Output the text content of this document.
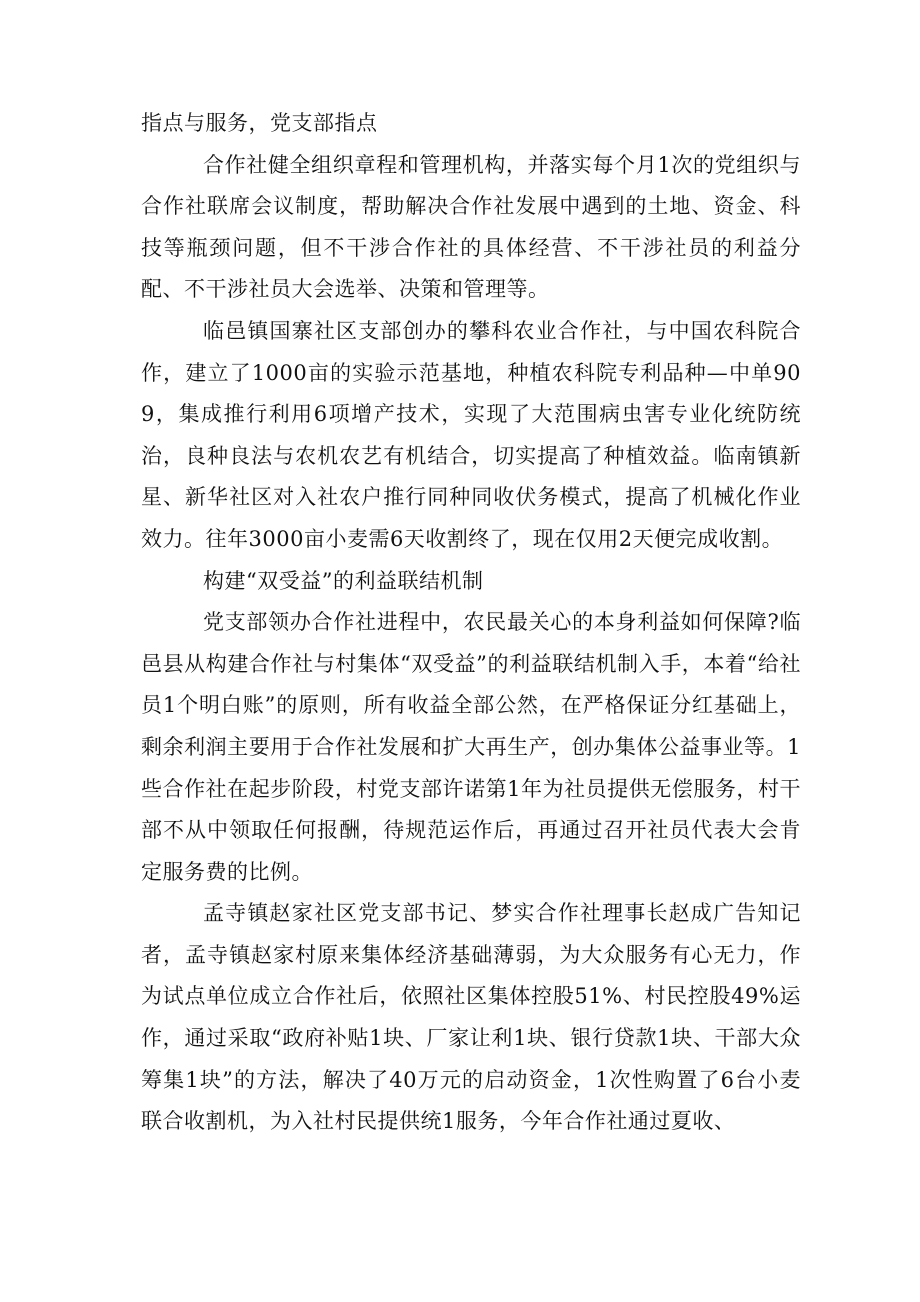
指点与服务，党支部指点

合作社健全组织章程和管理机构，并落实每个月1次的党组织与合作社联席会议制度，帮助解决合作社发展中遇到的土地、资金、科技等瓶颈问题，但不干涉合作社的具体经营、不干涉社员的利益分配、不干涉社员大会选举、决策和管理等。

临邑镇国寨社区支部创办的攀科农业合作社，与中国农科院合作，建立了1000亩的实验示范基地，种植农科院专利品种—中单909，集成推行利用6项增产技术，实现了大范围病虫害专业化统防统治，良种良法与农机农艺有机结合，切实提高了种植效益。临南镇新星、新华社区对入社农户推行同种同收伏务模式，提高了机械化作业效力。往年3000亩小麦需6天收割终了，现在仅用2天便完成收割。

构建“双受益”的利益联结机制

党支部领办合作社进程中，农民最关心的本身利益如何保障?临邑县从构建合作社与村集体“双受益”的利益联结机制入手，本着“给社员1个明白账”的原则，所有收益全部公然，在严格保证分红基础上，剩余利润主要用于合作社发展和扩大再生产，创办集体公益事业等。1些合作社在起步阶段，村党支部许诺第1年为社员提供无偿服务，村干部不从中领取任何报酬，待规范运作后，再通过召开社员代表大会肯定服务费的比例。

孟寺镇赵家社区党支部书记、梦实合作社理事长赵成广告知记者，孟寺镇赵家村原来集体经济基础薄弱，为大众服务有心无力，作为试点单位成立合作社后，依照社区集体控股51%、村民控股49%运作，通过采取“政府补贴1块、厂家让利1块、银行贷款1块、干部大众筹集1块”的方法，解决了40万元的启动资金，1次性购置了6台小麦联合收割机，为入社村民提供统1服务，今年合作社通过夏收、
